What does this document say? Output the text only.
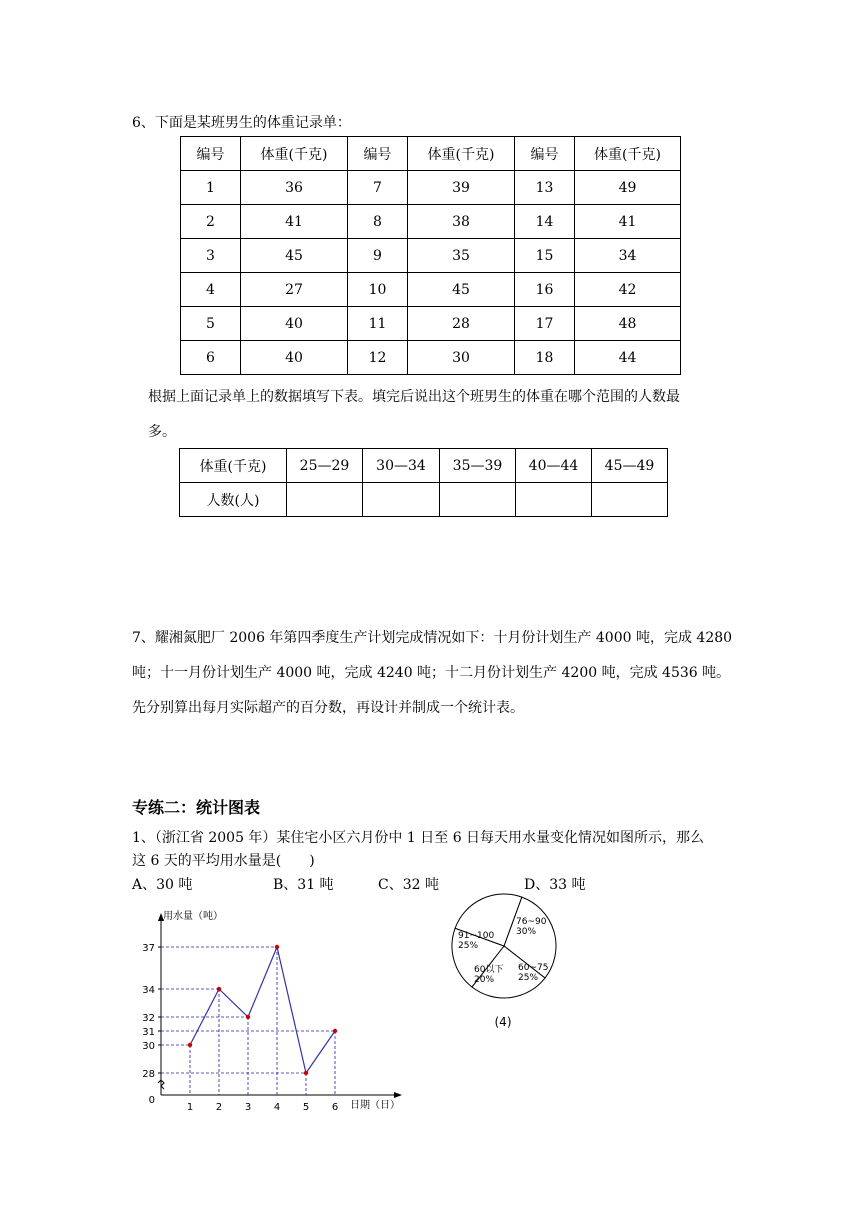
6、下面是某班男生的体重记录单：
编号	体重(千克)	编号	体重(千克)	编号	体重(千克)
1	36	7	39	13	49
2	41	8	38	14	41
3	45	9	35	15	34
4	27	10	45	16	42
5	40	11	28	17	48
6	40	12	30	18	44
根据上面记录单上的数据填写下表。填完后说出这个班男生的体重在哪个范围的人数最
多。
体重(千克)	25—29	30—34	35—39	40—44	45—49
人数(人)					
7、耀湘氮肥厂 2006 年第四季度生产计划完成情况如下：十月份计划生产 4000 吨，完成 4280
吨；十一月份计划生产 4000 吨，完成 4240 吨；十二月份计划生产 4200 吨，完成 4536 吨。
先分别算出每月实际超产的百分数，再设计并制成一个统计表。
专练二：统计图表
1、（浙江省 2005 年）某住宅小区六月份中 1 日至 6 日每天用水量变化情况如图所示，那么
这 6 天的平均用水量是(　　)
A、30 吨	B、31 吨	C、32 吨	D、33 吨
用水量（吨）
日期（日）
0
28
30
31
32
34
37
1 2 3 4 5 6
76~90
30%
60~75
25%
60以下
20%
91~100
25%
(4)
